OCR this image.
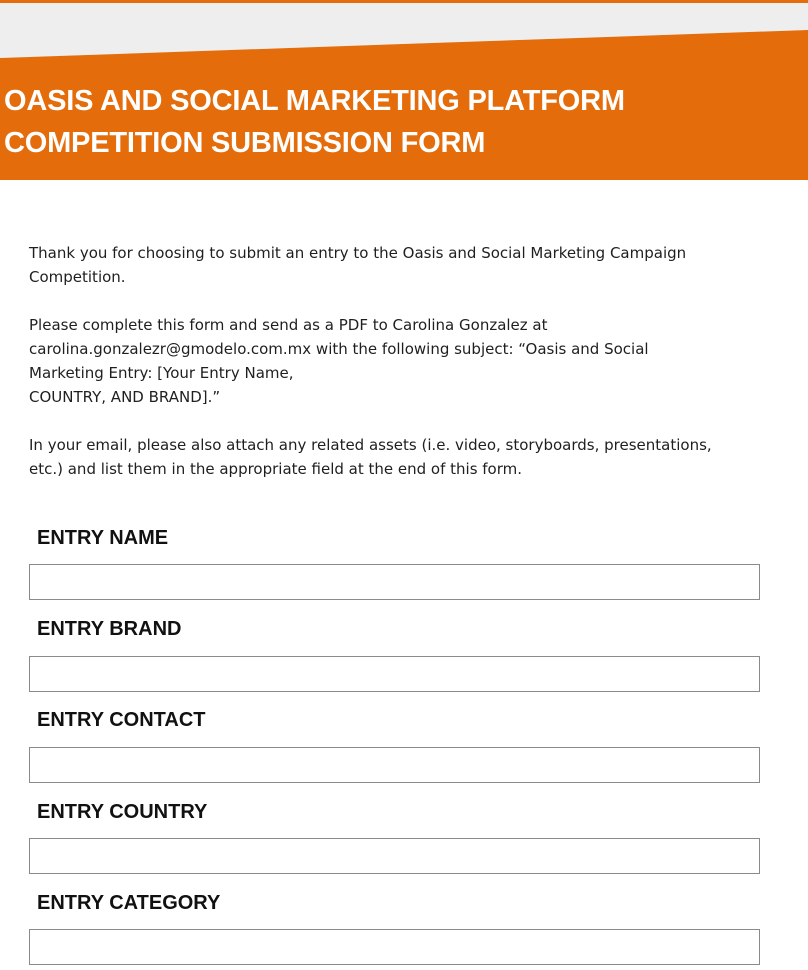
OASIS AND SOCIAL MARKETING PLATFORM
COMPETITION SUBMISSION FORM

Thank you for choosing to submit an entry to the Oasis and Social Marketing Campaign
Competition.

Please complete this form and send as a PDF to Carolina Gonzalez at
carolina.gonzalezr@gmodelo.com.mx with the following subject: “Oasis and Social
Marketing Entry: [Your Entry Name,
COUNTRY, AND BRAND].”

In your email, please also attach any related assets (i.e. video, storyboards, presentations,
etc.) and list them in the appropriate field at the end of this form.

ENTRY NAME
ENTRY BRAND
ENTRY CONTACT
ENTRY COUNTRY
ENTRY CATEGORY
